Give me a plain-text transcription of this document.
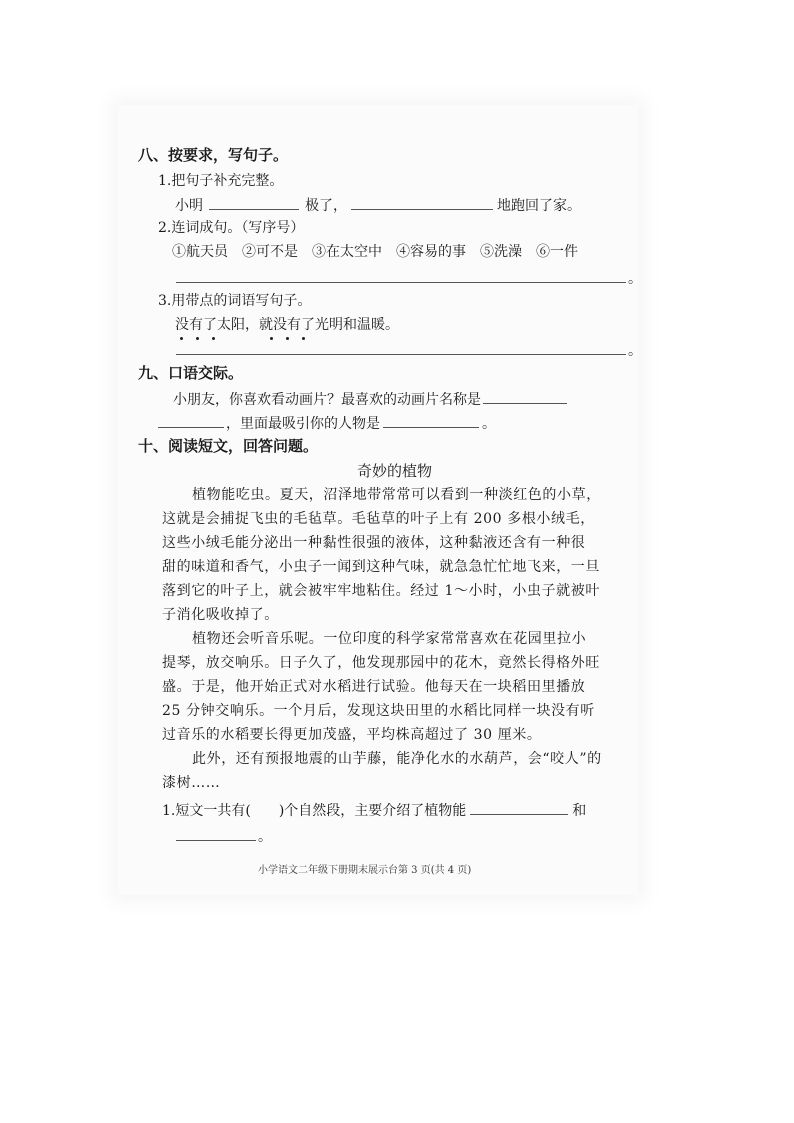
八、按要求，写句子。
1.把句子补充完整。
小明	极了，	地跑回了家。
2.连词成句。（写序号）
①航天员 ②可不是 ③在太空中 ④容易的事 ⑤洗澡 ⑥一件
。
3.用带点的词语写句子。
没有了太阳，就没有了光明和温暖。
。
九、口语交际。
小朋友，你喜欢看动画片？最喜欢的动画片名称是
，里面最吸引你的人物是	。
十、阅读短文，回答问题。
奇妙的植物
植物能吃虫。夏天，沼泽地带常常可以看到一种淡红色的小草，
这就是会捕捉飞虫的毛毡草。毛毡草的叶子上有 200 多根小绒毛，
这些小绒毛能分泌出一种黏性很强的液体，这种黏液还含有一种很
甜的味道和香气，小虫子一闻到这种气味，就急急忙忙地飞来，一旦
落到它的叶子上，就会被牢牢地粘住。经过 1～小时，小虫子就被叶
子消化吸收掉了。
植物还会听音乐呢。一位印度的科学家常常喜欢在花园里拉小
提琴，放交响乐。日子久了，他发现那园中的花木，竟然长得格外旺
盛。于是，他开始正式对水稻进行试验。他每天在一块稻田里播放
25 分钟交响乐。一个月后，发现这块田里的水稻比同样一块没有听
过音乐的水稻要长得更加茂盛，平均株高超过了 30 厘米。
此外，还有预报地震的山芋藤，能净化水的水葫芦，会“咬人”的
漆树……
1.短文一共有( )个自然段，主要介绍了植物能	和
。
小学语文二年级下册期末展示台第 3 页(共 4 页)
